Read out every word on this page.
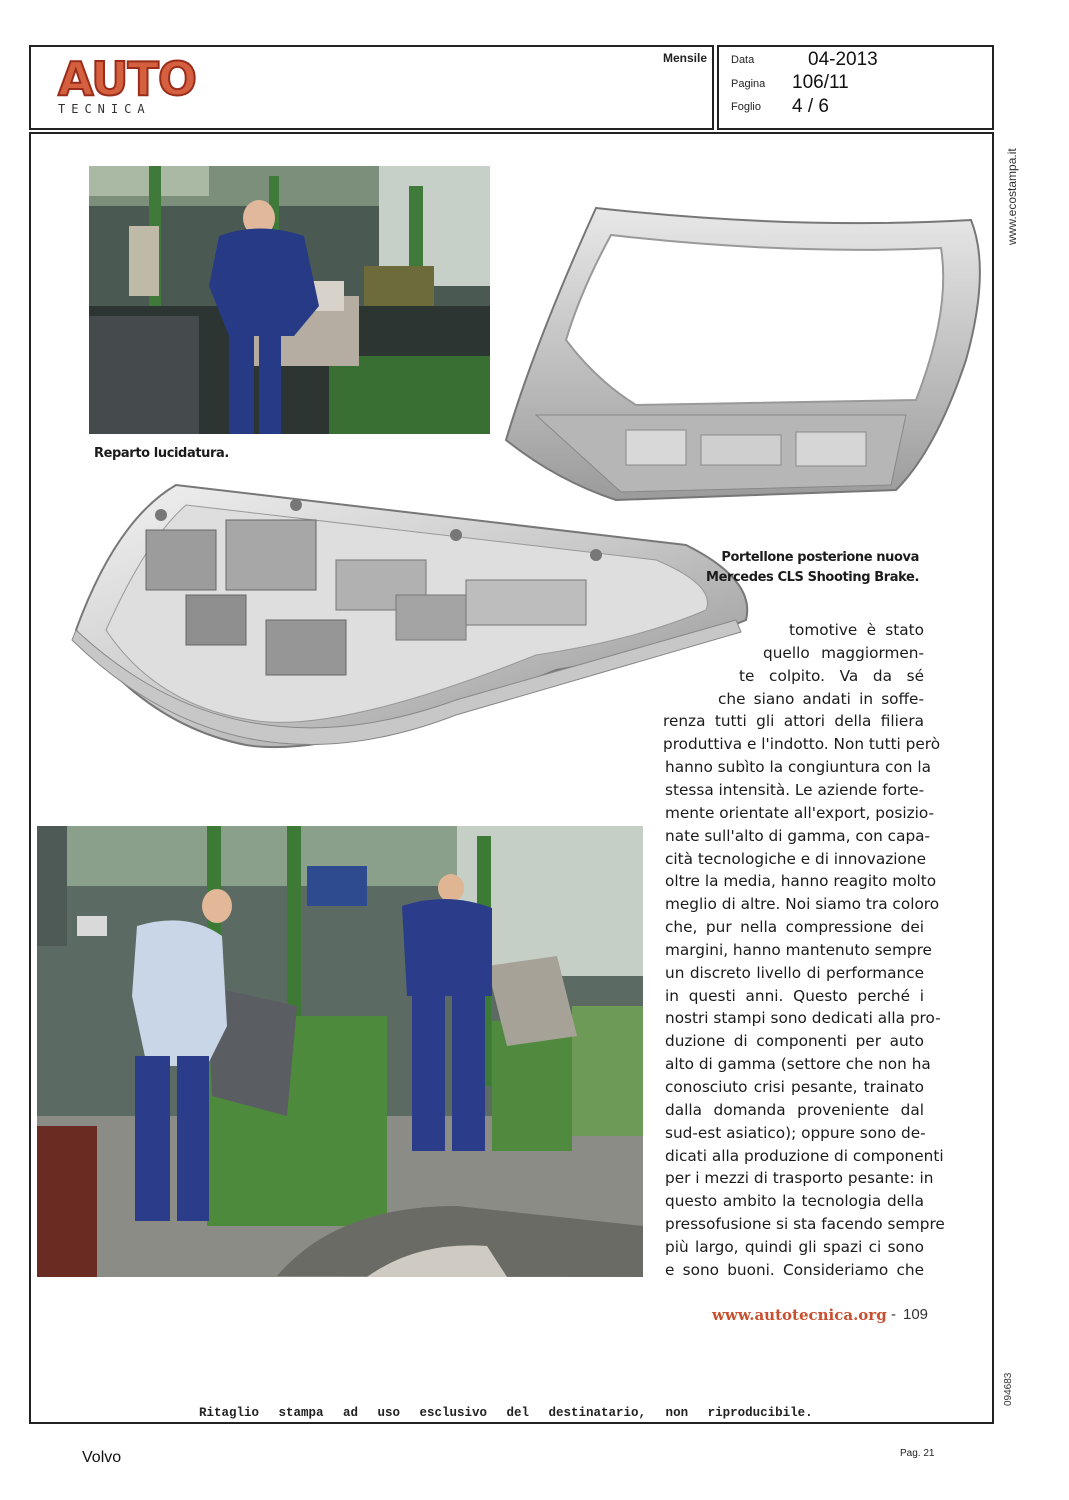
AUTO
TECNICA
Mensile Data	04-2013
Pagina 106/11
Foglio 4 / 6
www.ecostampa.it
094683
Reparto lucidatura.
Portellone posterione nuova
Mercedes CLS Shooting Brake.
tomotive è stato
quello maggiormen-
te colpito. Va da sé
che siano andati in soffe-
renza tutti gli attori della filiera
produttiva e l'indotto. Non tutti però
hanno subìto la congiuntura con la
stessa intensità. Le aziende forte-
mente orientate all'export, posizio-
nate sull'alto di gamma, con capa-
cità tecnologiche e di innovazione
oltre la media, hanno reagito molto
meglio di altre. Noi siamo tra coloro
che, pur nella compressione dei
margini, hanno mantenuto sempre
un discreto livello di performance
in questi anni. Questo perché i
nostri stampi sono dedicati alla pro-
duzione di componenti per auto
alto di gamma (settore che non ha
conosciuto crisi pesante, trainato
dalla domanda proveniente dal
sud-est asiatico); oppure sono de-
dicati alla produzione di componenti
per i mezzi di trasporto pesante: in
questo ambito la tecnologia della
pressofusione si sta facendo sempre
più largo, quindi gli spazi ci sono
e sono buoni. Consideriamo che
www.autotecnica.org - 109
Ritaglio stampa ad uso esclusivo del destinatario, non riproducibile.
Volvo	Pag. 21
